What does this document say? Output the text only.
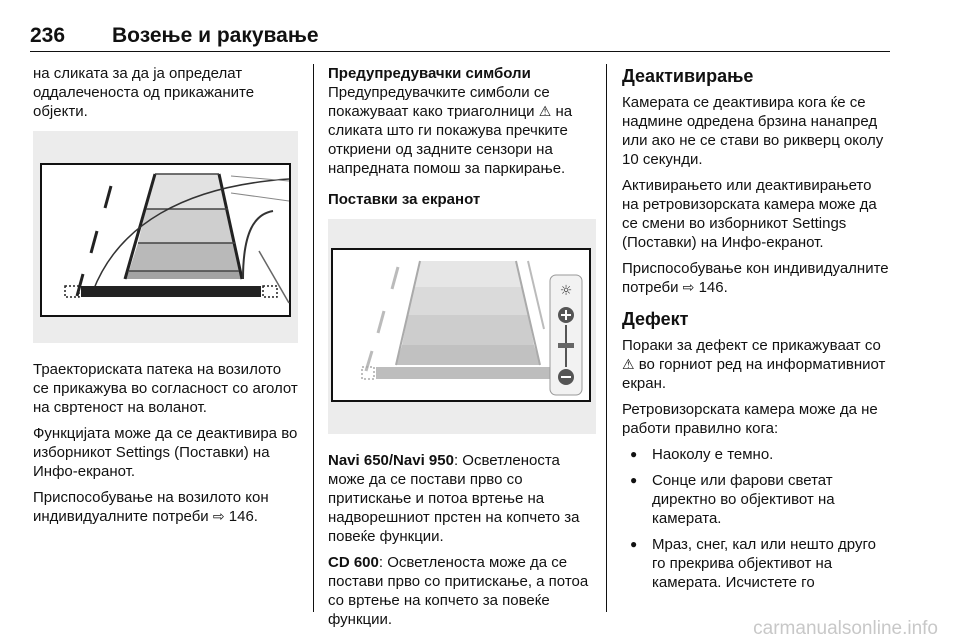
236 Возење и ракување

на сликата за да ја определат оддалеченоста од прикажаните објекти.

Траекториската патека на возилото се прикажува во согласност со аголот на свртеност на воланот.

Функцијата може да се деактивира во изборникот Settings (Поставки) на Инфо-екранот.

Приспособување на возилото кон индивидуалните потреби ⇨ 146.

Предупредувачки симболи

Предупредувачките симболи се покажуваат како триаголници ⚠ на сликата што ги покажува пречките откриени од задните сензори на напредната помош за паркирање.

Поставки за екранот
☼

Navi 650/Navi 950: Осветленоста може да се постави прво со притискање и потоа вртење на надворешниот прстен на копчето за повеќе функции.

CD 600: Осветленоста може да се постави прво со притискање, а потоа со вртење на копчето за повеќе функции.

Деактивирање

Камерата се деактивира кога ќе се надмине одредена брзина нанапред или ако не се стави во рикверц околу 10 секунди.

Активирањето или деактивирањето на ретровизорската камера може да се смени во изборникот Settings (Поставки) на Инфо-екранот.

Приспособување кон индивидуалните потреби ⇨ 146.

Дефект

Пораки за дефект се прикажуваат со ⚠ во горниот ред на информативниот екран.

Ретровизорската камера може да не работи правилно кога:

● Наоколу е темно.
● Сонце или фарови светат директно во објективот на камерата.
● Мраз, снег, кал или нешто друго го прекрива објективот на камерата. Исчистете го
carmanualsonline.info
